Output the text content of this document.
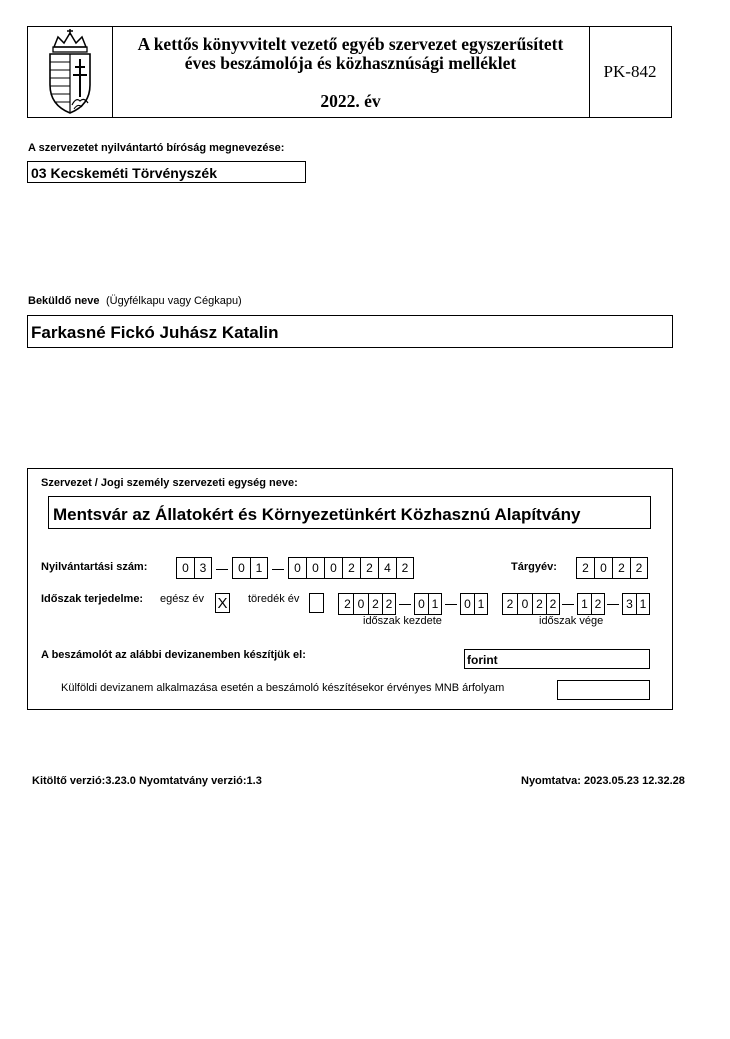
A kettős könyvvitelt vezető egyéb szervezet egyszerűsített
éves beszámolója és közhasznúsági melléklet
2022. év
PK-842
A szervezetet nyilvántartó bíróság megnevezése:
03 Kecskeméti Törvényszék
Beküldő neve (Ügyfélkapu vagy Cégkapu)
Farkasné Fickó Juhász Katalin
Szervezet / Jogi személy szervezeti egység neve:
Mentsvár az Állatokért és Környezetünkért Közhasznú Alapítvány
Nyilvántartási szám:	0 3	0 1	0 0 0 2 2 4 2	Tárgyév:	2 0 2 2
Időszak terjedelme: egész év X töredék év	2 0 2 2	0 1	0 1
időszak kezdete
2 0 2 2	1 2	3 1
időszak vége
A beszámolót az alábbi devizanemben készítjük el:	forint
Külföldi devizanem alkalmazása esetén a beszámoló készítésekor érvényes MNB árfolyam
Kitöltő verzió:3.23.0 Nyomtatvány verzió:1.3	Nyomtatva: 2023.05.23 12.32.28
